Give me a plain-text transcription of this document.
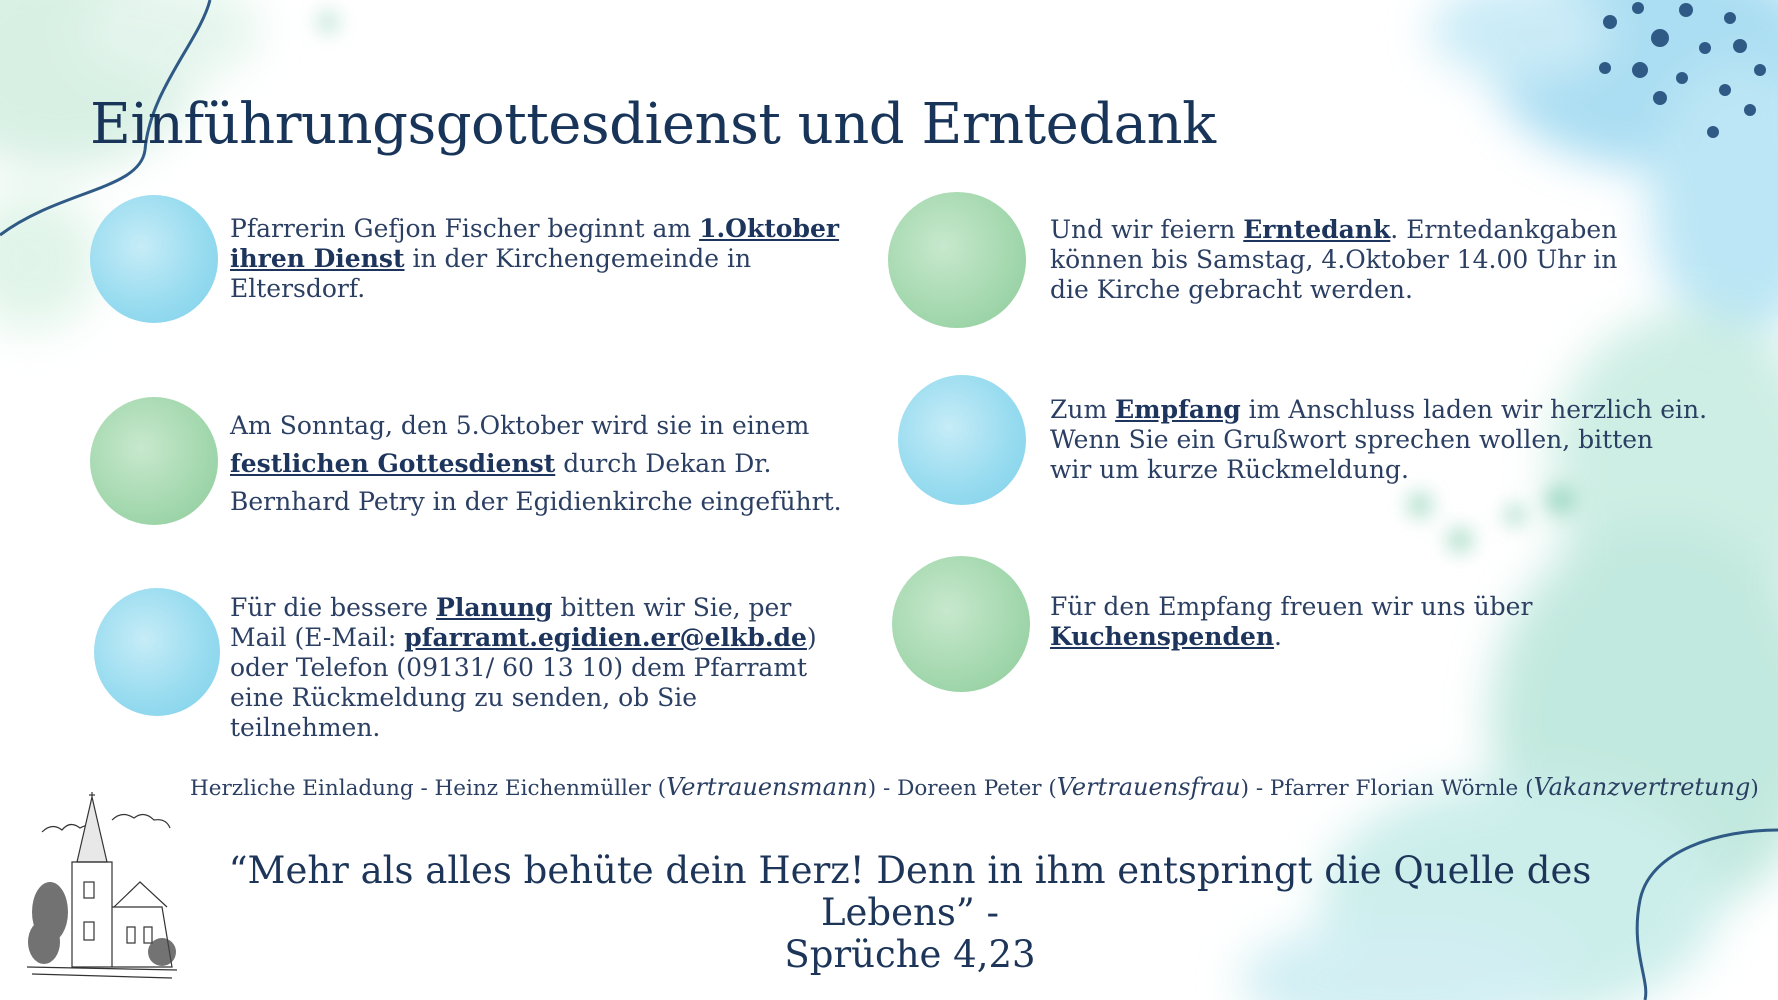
Einführungsgottesdienst und Erntedank
Pfarrerin Gefjon Fischer beginnt am 1.Oktober
ihren Dienst in der Kirchengemeinde in
Eltersdorf.
Am Sonntag, den 5.Oktober wird sie in einem
festlichen Gottesdienst durch Dekan Dr.
Bernhard Petry in der Egidienkirche eingeführt.
Für die bessere Planung bitten wir Sie, per
Mail (E-Mail: pfarramt.egidien.er@elkb.de)
oder Telefon (09131/ 60 13 10) dem Pfarramt
eine Rückmeldung zu senden, ob Sie
teilnehmen.
Und wir feiern Erntedank. Erntedankgaben
können bis Samstag, 4.Oktober 14.00 Uhr in
die Kirche gebracht werden.
Zum Empfang im Anschluss laden wir herzlich ein.
Wenn Sie ein Grußwort sprechen wollen, bitten
wir um kurze Rückmeldung.
Für den Empfang freuen wir uns über
Kuchenspenden.
Herzliche Einladung - Heinz Eichenmüller (Vertrauensmann) - Doreen Peter (Vertrauensfrau) - Pfarrer Florian Wörnle (Vakanzvertretung)
“Mehr als alles behüte dein Herz! Denn in ihm entspringt die Quelle des Lebens” -
Sprüche 4,23
